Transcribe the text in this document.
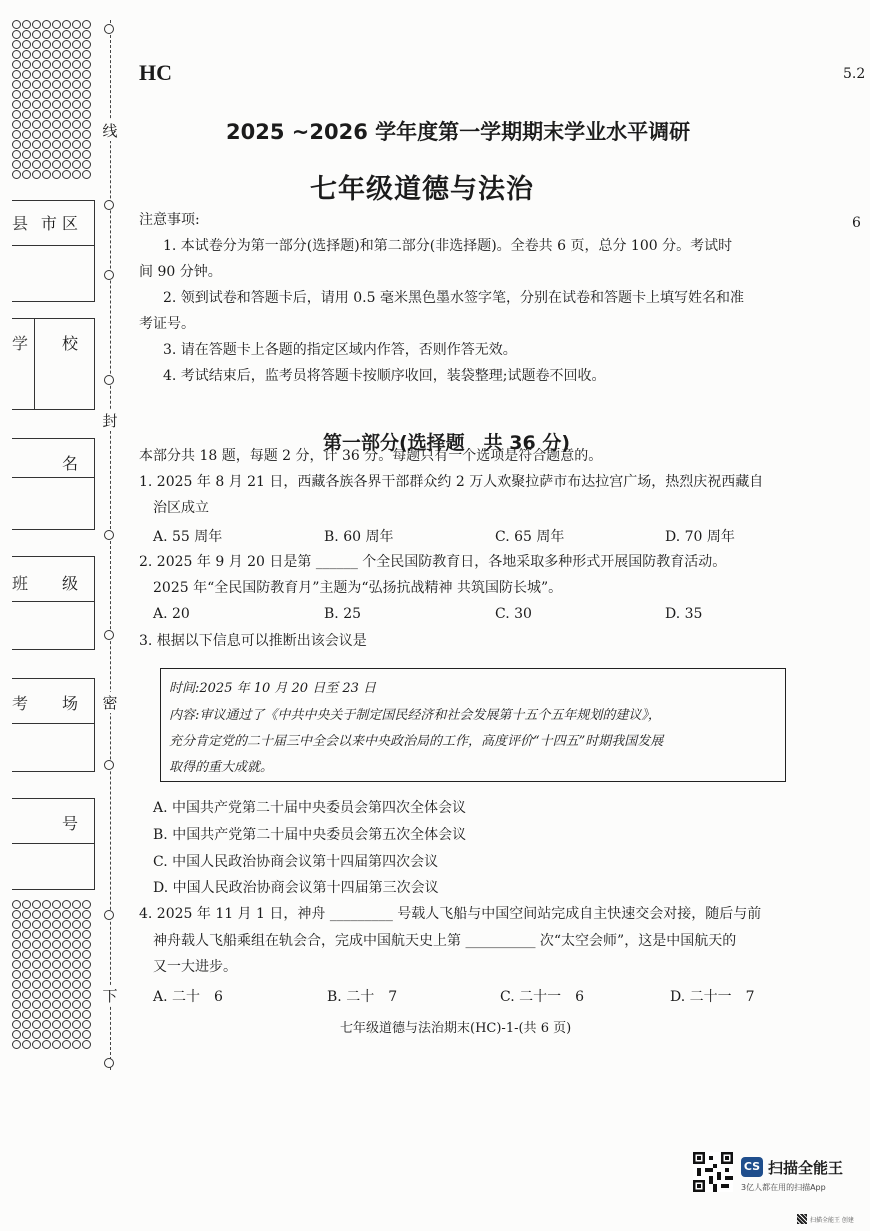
线
封
密
下
县 市 区
学 校
名
班 级
考 场
号
HC	5.2
6
2025 ~2026 学年度第一学期期末学业水平调研
七年级道德与法治
注意事项:
1. 本试卷分为第一部分(选择题)和第二部分(非选择题)。全卷共 6 页，总分 100 分。考试时
间 90 分钟。
2. 领到试卷和答题卡后，请用 0.5 毫米黑色墨水签字笔，分别在试卷和答题卡上填写姓名和准
考证号。
3. 请在答题卡上各题的指定区域内作答，否则作答无效。
4. 考试结束后，监考员将答题卡按顺序收回，装袋整理;试题卷不回收。
第一部分(选择题　共 36 分)
本部分共 18 题，每题 2 分，计 36 分。每题只有一个选项是符合题意的。
1. 2025 年 8 月 21 日，西藏各族各界干部群众约 2 万人欢聚拉萨市布达拉宫广场，热烈庆祝西藏自
治区成立
A. 55 周年	B. 60 周年	C. 65 周年	D. 70 周年
2. 2025 年 9 月 20 日是第 ______ 个全民国防教育日，各地采取多种形式开展国防教育活动。
2025 年“全民国防教育月”主题为“弘扬抗战精神 共筑国防长城”。
A. 20	B. 25	C. 30	D. 35
3. 根据以下信息可以推断出该会议是
时间:2025 年 10 月 20 日至 23 日
内容:审议通过了《中共中央关于制定国民经济和社会发展第十五个五年规划的建议》，
充分肯定党的二十届三中全会以来中央政治局的工作，高度评价“十四五”时期我国发展
取得的重大成就。
A. 中国共产党第二十届中央委员会第四次全体会议
B. 中国共产党第二十届中央委员会第五次全体会议
C. 中国人民政治协商会议第十四届第四次会议
D. 中国人民政治协商会议第十四届第三次会议
4. 2025 年 11 月 1 日，神舟 _________ 号载人飞船与中国空间站完成自主快速交会对接，随后与前
神舟载人飞船乘组在轨会合，完成中国航天史上第 __________ 次“太空会师”，这是中国航天的
又一大进步。
A. 二十　6	B. 二十　7	C. 二十一　6	D. 二十一　7
七年级道德与法治期末(HC)-1-(共 6 页)
CS 扫描全能王
3亿人都在用的扫描App
扫描全能王 创建
